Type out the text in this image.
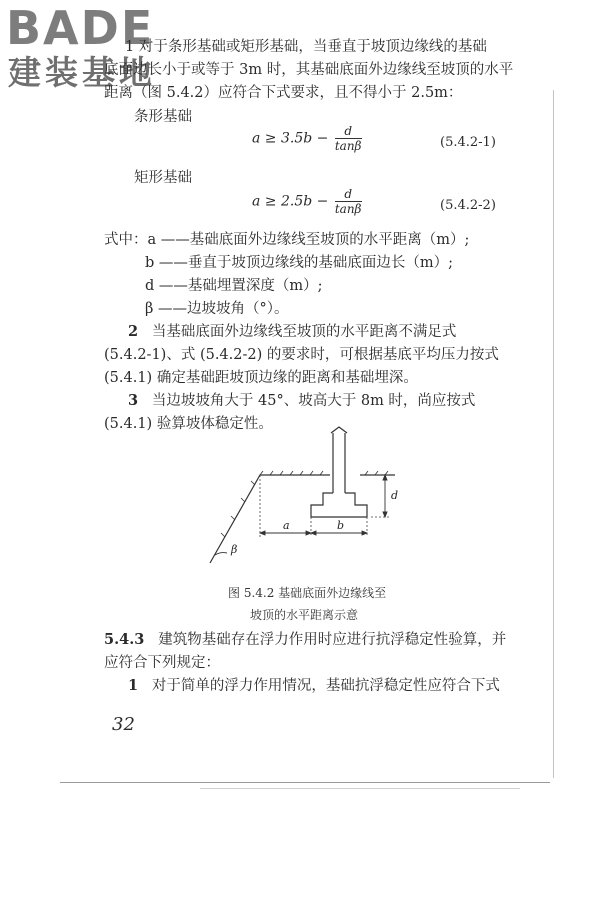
BADE
建装基地
1 对于条形基础或矩形基础，当垂直于坡顶边缘线的基础
底面边长小于或等于 3m 时，其基础底面外边缘线至坡顶的水平
距离（图 5.4.2）应符合下式要求，且不得小于 2.5m：
条形基础
$a \ge 3.5b - \frac{d}{\tan\beta}$	(5.4.2-1)
矩形基础
$a \ge 2.5b - \frac{d}{\tan\beta}$	(5.4.2-2)
式中：a ——基础底面外边缘线至坡顶的水平距离（m）;
b ——垂直于坡顶边缘线的基础底面边长（m）;
d ——基础埋置深度（m）;
β ——边坡坡角（°）。
2 当基础底面外边缘线至坡顶的水平距离不满足式
(5.4.2-1)、式 (5.4.2-2) 的要求时，可根据基底平均压力按式
(5.4.1) 确定基础距坡顶边缘的距离和基础埋深。
3 当边坡坡角大于 45°、坡高大于 8m 时，尚应按式
(5.4.1) 验算坡体稳定性。
a	b
d
β
图 5.4.2 基础底面外边缘线至
坡顶的水平距离示意
5.4.3 建筑物基础存在浮力作用时应进行抗浮稳定性验算，并
应符合下列规定：
1 对于简单的浮力作用情况，基础抗浮稳定性应符合下式
32
